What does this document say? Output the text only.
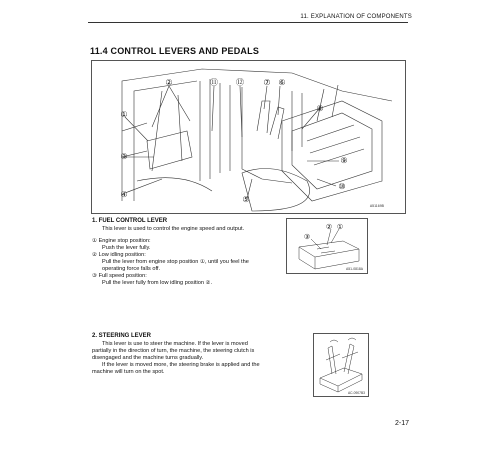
11. EXPLANATION OF COMPONENTS
11.4 CONTROL LEVERS AND PEDALS
②	⑪ ⑫ ⑦ ⑥
①
⑧
③	⑨
④
⑤
⑩
A51169B
1. FUEL CONTROL LEVER
This lever is used to control the engine speed and output.
① Engine stop position:
Push the lever fully.
② Low idling position:
Pull the lever from engine stop position ①, until you feel the
operating force falls off.
③ Full speed position:
Pull the lever fully from low idling position ②.
② ①
③
A51-0818A
2. STEERING LEVER
This lever is use to steer the machine. If the lever is moved
partially in the direction of turn, the machine, the steering clutch is
disengaged and the machine turns gradually.
If the lever is moved more, the steering brake is applied and the
machine will turn on the spot.
AC-0907B3
2-17
